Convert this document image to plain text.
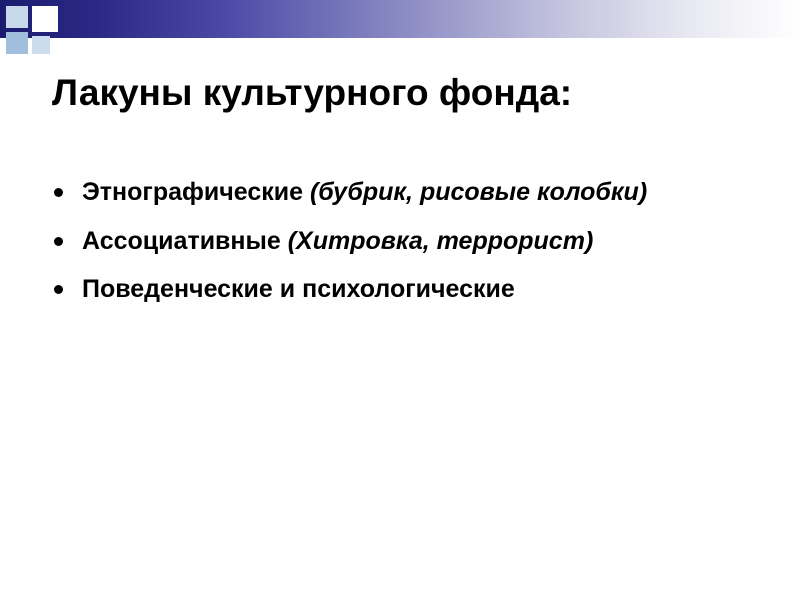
Лакуны культурного фонда:
Этнографические (бубрик, рисовые колобки)
Ассоциативные (Хитровка, террорист)
Поведенческие и психологические
